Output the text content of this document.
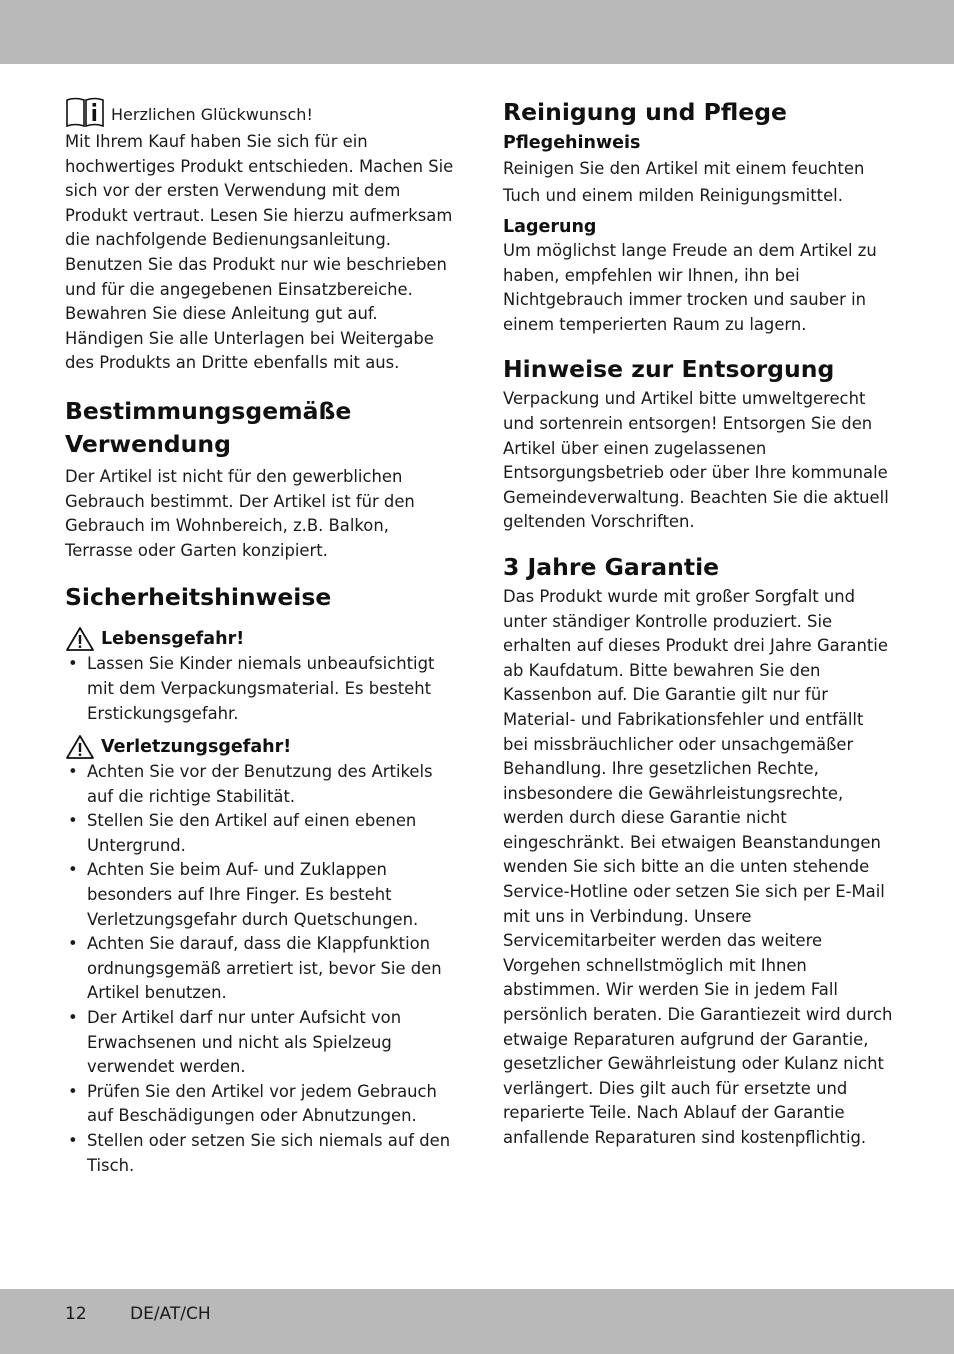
Herzlichen Glückwunsch!

Mit Ihrem Kauf haben Sie sich für ein hochwertiges Produkt entschieden. Machen Sie sich vor der ersten Verwendung mit dem Produkt vertraut. Lesen Sie hierzu aufmerksam die nachfolgende Bedienungsanleitung. Benutzen Sie das Produkt nur wie beschrieben und für die angegebenen Einsatzbereiche. Bewahren Sie diese Anleitung gut auf. Händigen Sie alle Unterlagen bei Weitergabe des Produkts an Dritte ebenfalls mit aus.

Bestimmungsgemäße Verwendung

Der Artikel ist nicht für den gewerblichen Gebrauch bestimmt. Der Artikel ist für den Gebrauch im Wohnbereich, z.B. Balkon, Terrasse oder Garten konzipiert.

Sicherheitshinweise
Lebensgefahr!
• Lassen Sie Kinder niemals unbeaufsichtigt mit dem Verpackungsmaterial. Es besteht Erstickungsgefahr.
Verletzungsgefahr!
• Achten Sie vor der Benutzung des Artikels auf die richtige Stabilität.
• Stellen Sie den Artikel auf einen ebenen Untergrund.
• Achten Sie beim Auf- und Zuklappen besonders auf Ihre Finger. Es besteht Verletzungsgefahr durch Quetschungen.
• Achten Sie darauf, dass die Klappfunktion ordnungsgemäß arretiert ist, bevor Sie den Artikel benutzen.
• Der Artikel darf nur unter Aufsicht von Erwachsenen und nicht als Spielzeug verwendet werden.
• Prüfen Sie den Artikel vor jedem Gebrauch auf Beschädigungen oder Abnutzungen.
• Stellen oder setzen Sie sich niemals auf den Tisch.
Reinigung und Pflege
Pflegehinweis

Reinigen Sie den Artikel mit einem feuchten Tuch und einem milden Reinigungsmittel.

Lagerung

Um möglichst lange Freude an dem Artikel zu haben, empfehlen wir Ihnen, ihn bei Nichtgebrauch immer trocken und sauber in einem temperierten Raum zu lagern.

Hinweise zur Entsorgung

Verpackung und Artikel bitte umweltgerecht und sortenrein entsorgen! Entsorgen Sie den Artikel über einen zugelassenen Entsorgungsbetrieb oder über Ihre kommunale Gemeindeverwaltung. Beachten Sie die aktuell geltenden Vorschriften.

3 Jahre Garantie

Das Produkt wurde mit großer Sorgfalt und unter ständiger Kontrolle produziert. Sie erhalten auf dieses Produkt drei Jahre Garantie ab Kaufdatum. Bitte bewahren Sie den Kassenbon auf. Die Garantie gilt nur für Material- und Fabrikationsfehler und entfällt bei missbräuchlicher oder unsachgemäßer Behandlung. Ihre gesetzlichen Rechte, insbesondere die Gewährleistungsrechte, werden durch diese Garantie nicht eingeschränkt. Bei etwaigen Beanstandungen wenden Sie sich bitte an die unten stehende Service-Hotline oder setzen Sie sich per E-Mail mit uns in Verbindung. Unsere Servicemitarbeiter werden das weitere Vorgehen schnellstmöglich mit Ihnen abstimmen. Wir werden Sie in jedem Fall persönlich beraten. Die Garantiezeit wird durch etwaige Reparaturen aufgrund der Garantie, gesetzlicher Gewährleistung oder Kulanz nicht verlängert. Dies gilt auch für ersetzte und reparierte Teile. Nach Ablauf der Garantie anfallende Reparaturen sind kostenpflichtig.

12	DE/AT/CH
